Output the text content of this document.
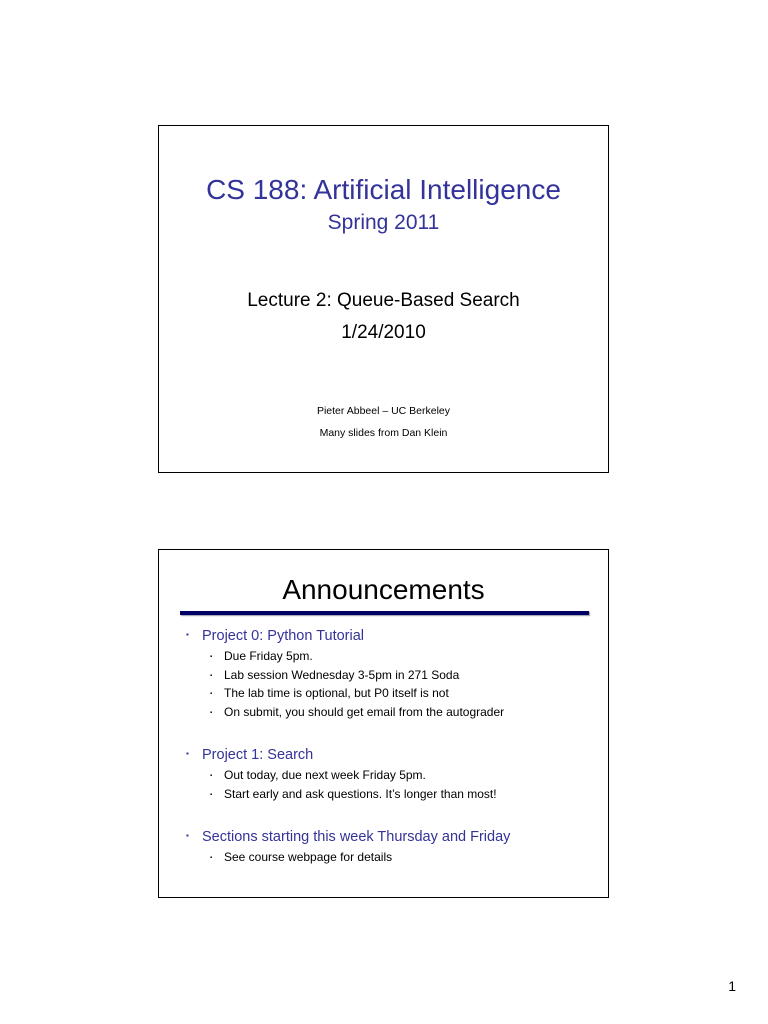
CS 188: Artificial Intelligence
Spring 2011
Lecture 2: Queue-Based Search
1/24/2010
Pieter Abbeel – UC Berkeley
Many slides from Dan Klein
Announcements
▪ Project 0: Python Tutorial
▪ Due Friday 5pm.
▪ Lab session Wednesday 3-5pm in 271 Soda
▪ The lab time is optional, but P0 itself is not
▪ On submit, you should get email from the autograder
▪ Project 1: Search
▪ Out today, due next week Friday 5pm.
▪ Start early and ask questions. It’s longer than most!
▪ Sections starting this week Thursday and Friday
▪ See course webpage for details
1
